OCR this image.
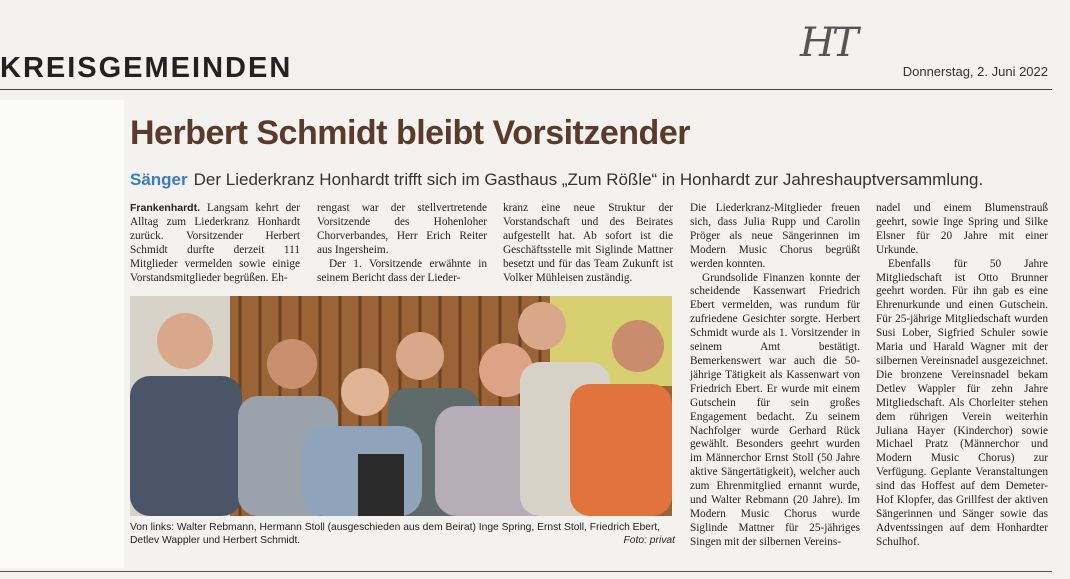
KREISGEMEINDEN
HT
Donnerstag, 2. Juni 2022
Herbert Schmidt bleibt Vorsitzender
Sänger Der Liederkranz Honhardt trifft sich im Gasthaus „Zum Rößle“ in Honhardt zur Jahreshauptversammlung.

Frankenhardt. Langsam kehrt der Alltag zum Liederkranz Honhardt zurück. Vorsitzender Herbert Schmidt durfte derzeit 111 Mitglieder vermelden sowie einige Vorstandsmitglieder begrüßen. Eh-

rengast war der stellvertretende Vorsitzende des Hohenloher Chorverbandes, Herr Erich Reiter aus Ingersheim.

Der 1. Vorsitzende erwähnte in seinem Bericht dass der Lieder-

kranz eine neue Struktur der Vorstandschaft und des Beirates aufgestellt hat. Ab sofort ist die Geschäftsstelle mit Siglinde Mattner besetzt und für das Team Zukunft ist Volker Mühleisen zuständig.

Von links: Walter Rebmann, Hermann Stoll (ausgeschieden aus dem Beirat) Inge Spring, Ernst Stoll, Friedrich Ebert, Detlev Wappler und Herbert Schmidt.	Foto: privat

Die Liederkranz-Mitglieder freuen sich, dass Julia Rupp und Carolin Pröger als neue Sängerinnen im Modern Music Chorus begrüßt werden konnten.

Grundsolide Finanzen konnte der scheidende Kassenwart Friedrich Ebert vermelden, was rundum für zufriedene Gesichter sorgte. Herbert Schmidt wurde als 1. Vorsitzender in seinem Amt bestätigt. Bemerkenswert war auch die 50-jährige Tätigkeit als Kassenwart von Friedrich Ebert. Er wurde mit einem Gutschein für sein großes Engagement bedacht. Zu seinem Nachfolger wurde Gerhard Rück gewählt. Besonders geehrt wurden im Männerchor Ernst Stoll (50 Jahre aktive Sängertätigkeit), welcher auch zum Ehrenmitglied ernannt wurde, und Walter Rebmann (20 Jahre). Im Modern Music Chorus wurde Siglinde Mattner für 25-jähriges Singen mit der silbernen Vereins-

nadel und einem Blumenstrauß geehrt, sowie Inge Spring und Silke Elsner für 20 Jahre mit einer Urkunde.

Ebenfalls für 50 Jahre Mitgliedschaft ist Otto Brunner geehrt worden. Für ihn gab es eine Ehrenurkunde und einen Gutschein. Für 25-jährige Mitgliedschaft wurden Susi Lober, Sigfried Schuler sowie Maria und Harald Wagner mit der silbernen Vereinsnadel ausgezeichnet. Die bronzene Vereinsnadel bekam Detlev Wappler für zehn Jahre Mitgliedschaft. Als Chorleiter stehen dem rührigen Verein weiterhin Juliana Hayer (Kinderchor) sowie Michael Pratz (Männerchor und Modern Music Chorus) zur Verfügung. Geplante Veranstaltungen sind das Hoffest auf dem Demeter-Hof Klopfer, das Grillfest der aktiven Sängerinnen und Sänger sowie das Adventssingen auf dem Honhardter Schulhof.
